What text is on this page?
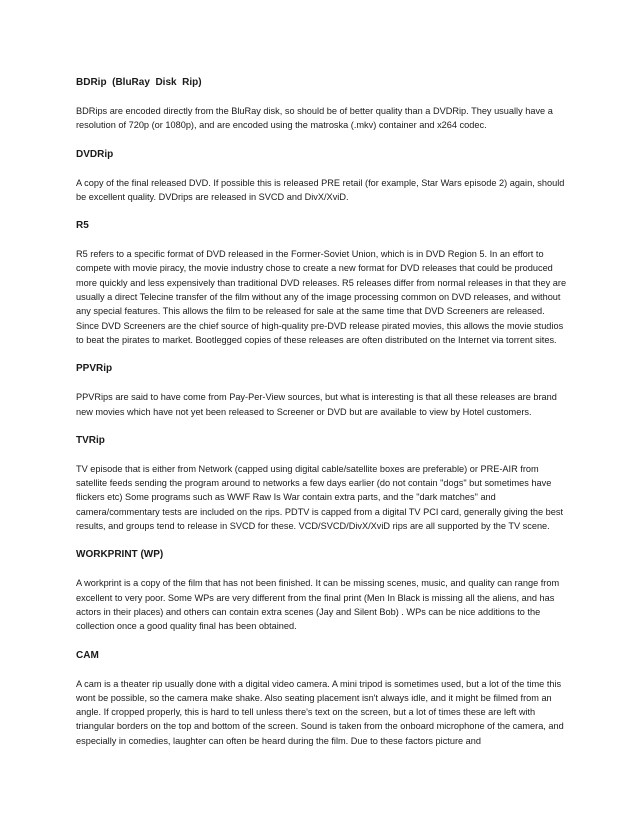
BDRip  (BluRay  Disk  Rip)

BDRips are encoded directly from the BluRay disk, so should be of better quality than a DVDRip. They usually have a resolution of 720p (or 1080p), and are encoded using the matroska (.mkv) container and x264 codec.

DVDRip

A copy of the final released DVD. If possible this is released PRE retail (for example, Star Wars episode 2) again, should be excellent quality. DVDrips are released in SVCD and DivX/XviD.

R5

R5 refers to a specific format of DVD released in the Former-Soviet Union, which is in DVD Region 5. In an effort to compete with movie piracy, the movie industry chose to create a new format for DVD releases that could be produced more quickly and less expensively than traditional DVD releases. R5 releases differ from normal releases in that they are usually a direct Telecine transfer of the film without any of the image processing common on DVD releases, and without any special features. This allows the film to be released for sale at the same time that DVD Screeners are released. Since DVD Screeners are the chief source of high-quality pre-DVD release pirated movies, this allows the movie studios to beat the pirates to market. Bootlegged copies of these releases are often distributed on the Internet via torrent sites.

PPVRip

PPVRips are said to have come from Pay-Per-View sources, but what is interesting is that all these releases are brand new movies which have not yet been released to Screener or DVD but are available to view by Hotel customers.

TVRip

TV episode that is either from Network (capped using digital cable/satellite boxes are preferable) or PRE-AIR from satellite feeds sending the program around to networks a few days earlier (do not contain "dogs" but sometimes have flickers etc) Some programs such as WWF Raw Is War contain extra parts, and the "dark matches" and camera/commentary tests are included on the rips. PDTV is capped from a digital TV PCI card, generally giving the best results, and groups tend to release in SVCD for these. VCD/SVCD/DivX/XviD rips are all supported by the TV scene.

WORKPRINT (WP)

A workprint is a copy of the film that has not been finished. It can be missing scenes, music, and quality can range from excellent to very poor. Some WPs are very different from the final print (Men In Black is missing all the aliens, and has actors in their places) and others can contain extra scenes (Jay and Silent Bob) . WPs can be nice additions to the collection once a good quality final has been obtained.

CAM

A cam is a theater rip usually done with a digital video camera. A mini tripod is sometimes used, but a lot of the time this wont be possible, so the camera make shake. Also seating placement isn't always idle, and it might be filmed from an angle. If cropped properly, this is hard to tell unless there's text on the screen, but a lot of times these are left with triangular borders on the top and bottom of the screen. Sound is taken from the onboard microphone of the camera, and especially in comedies, laughter can often be heard during the film. Due to these factors picture and
